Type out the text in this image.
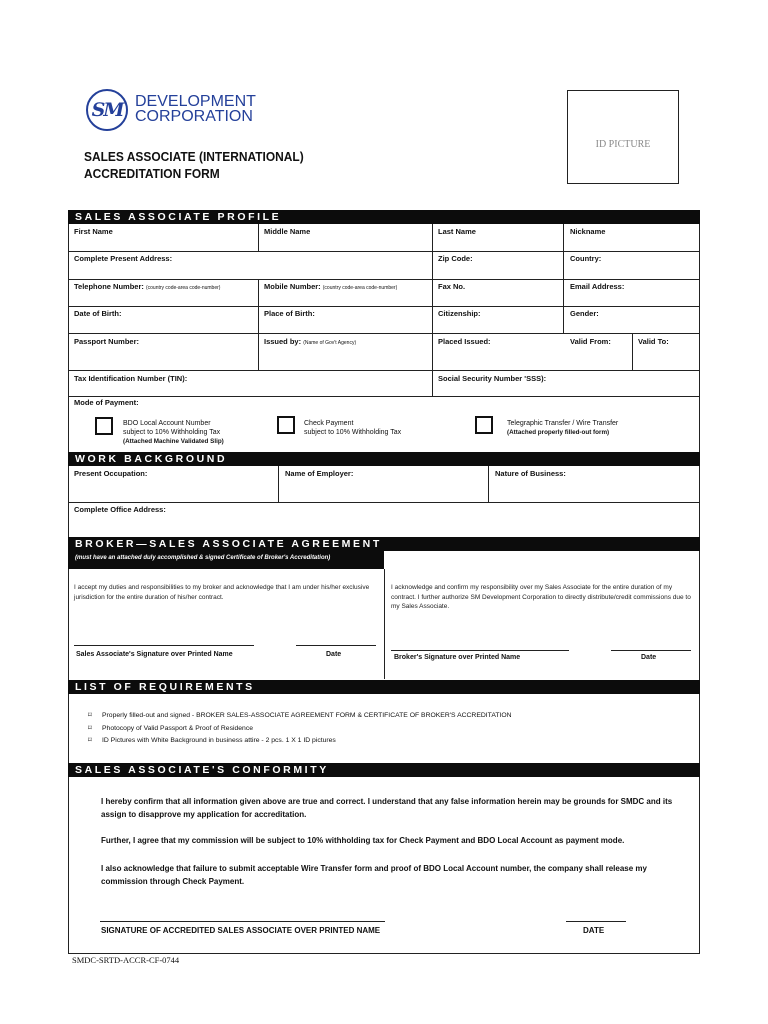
SM DEVELOPMENT
CORPORATION
SALES ASSOCIATE (INTERNATIONAL)
ACCREDITATION FORM
ID PICTURE
SALES ASSOCIATE PROFILE
First Name	Middle Name	Last Name	Nickname
Complete Present Address:	Zip Code:	Country:
Telephone Number: (country code-area code-number)	Mobile Number: (country code-area code-number)	Fax No.	Email Address:
Date of Birth:	Place of Birth:	Citizenship:	Gender:
Passport Number:	Issued by: (Name of Gov't Agency)	Placed Issued:	Valid From:	Valid To:
Tax Identification Number (TIN):	Social Security Number 'SSS):
Mode of Payment:
BDO Local Account Number
subject to 10% Withholding Tax
(Attached Machine Validated Slip)
Check Payment
subject to 10% Withholding Tax
Telegraphic Transfer / Wire Transfer
(Attached properly filled-out form)
WORK BACKGROUND
Present Occupation:	Name of Employer:	Nature of Business:
Complete Office Address:
BROKER—SALES ASSOCIATE AGREEMENT
(must have an attached duly accomplished & signed Certificate of Broker's Accreditation)
I accept my duties and responsibilities to my broker and acknowledge that I am under his/her exclusive jurisdiction for the entire duration of his/her contract.
I acknowledge and confirm my responsibility over my Sales Associate for the entire duration of my contract. I further authorize SM Development Corporation to directly distribute/credit commissions due to my Sales Associate.
Sales Associate's Signature over Printed Name	Date	Broker's Signature over Printed Name	Date
LIST OF REQUIREMENTS
⌑ Properly filled-out and signed - BROKER SALES-ASSOCIATE AGREEMENT FORM & CERTIFICATE OF BROKER'S ACCREDITATION
⌑ Photocopy of Valid Passport & Proof of Residence
⌑ ID Pictures with White Background in business attire - 2 pcs. 1 X 1 ID pictures
SALES ASSOCIATE'S CONFORMITY
I hereby confirm that all information given above are true and correct. I understand that any false information herein may be grounds for SMDC and its assign to disapprove my application for accreditation.
Further, I agree that my commission will be subject to 10% withholding tax for Check Payment and BDO Local Account as payment mode.
I also acknowledge that failure to submit acceptable Wire Transfer form and proof of BDO Local Account number, the company shall release my commission through Check Payment.
SIGNATURE OF ACCREDITED SALES ASSOCIATE OVER PRINTED NAME	DATE
SMDC-SRTD-ACCR-CF-0744
